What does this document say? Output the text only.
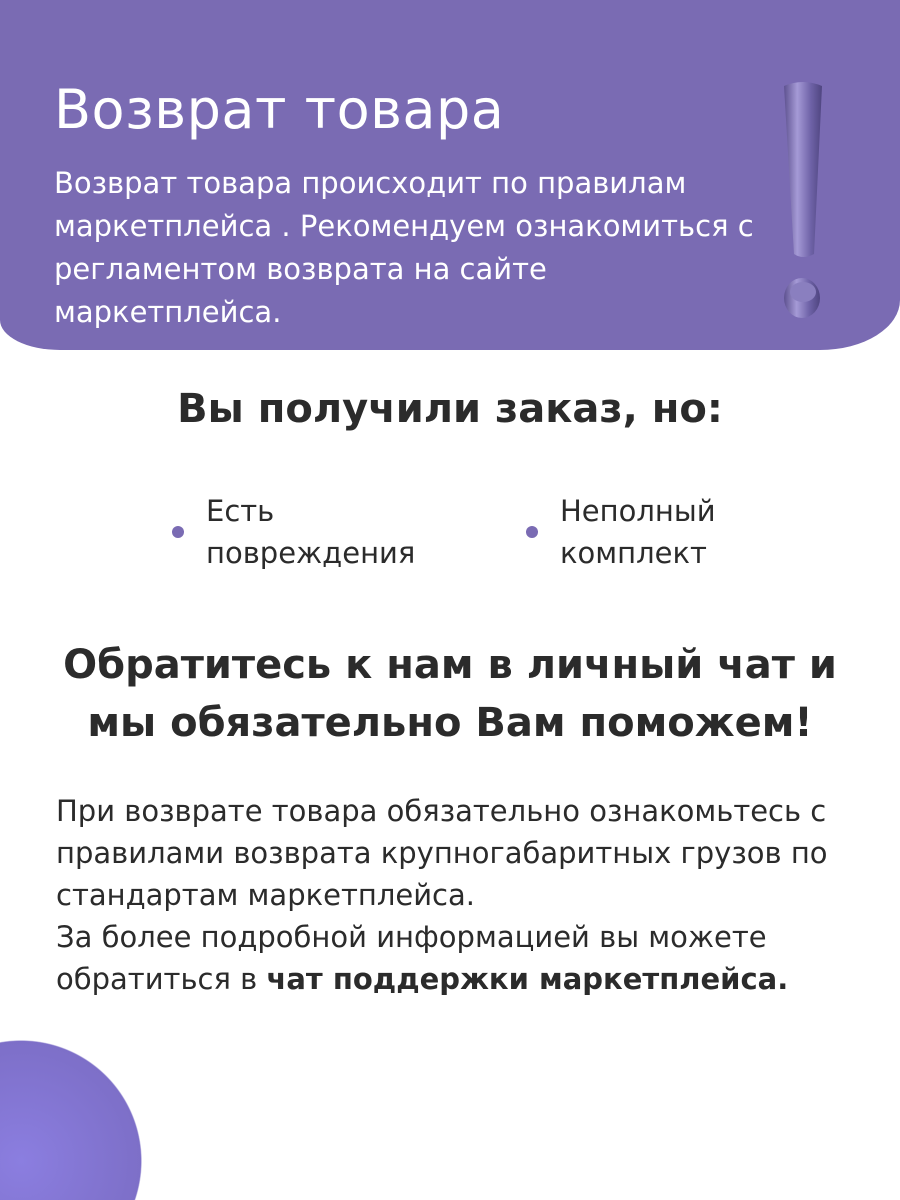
Возврат товара

Возврат товара происходит по правилам маркетплейса . Рекомендуем ознакомиться с регламентом возврата на сайте маркетплейса.

Вы получили заказ, но:
Есть
повреждения
Неполный
комплект

Обратитесь к нам в личный чат и
мы обязательно Вам поможем!

При возврате товара обязательно ознакомьтесь с правилами возврата крупногабаритных грузов по стандартам маркетплейса.
За более подробной информацией вы можете обратиться в чат поддержки маркетплейса.
